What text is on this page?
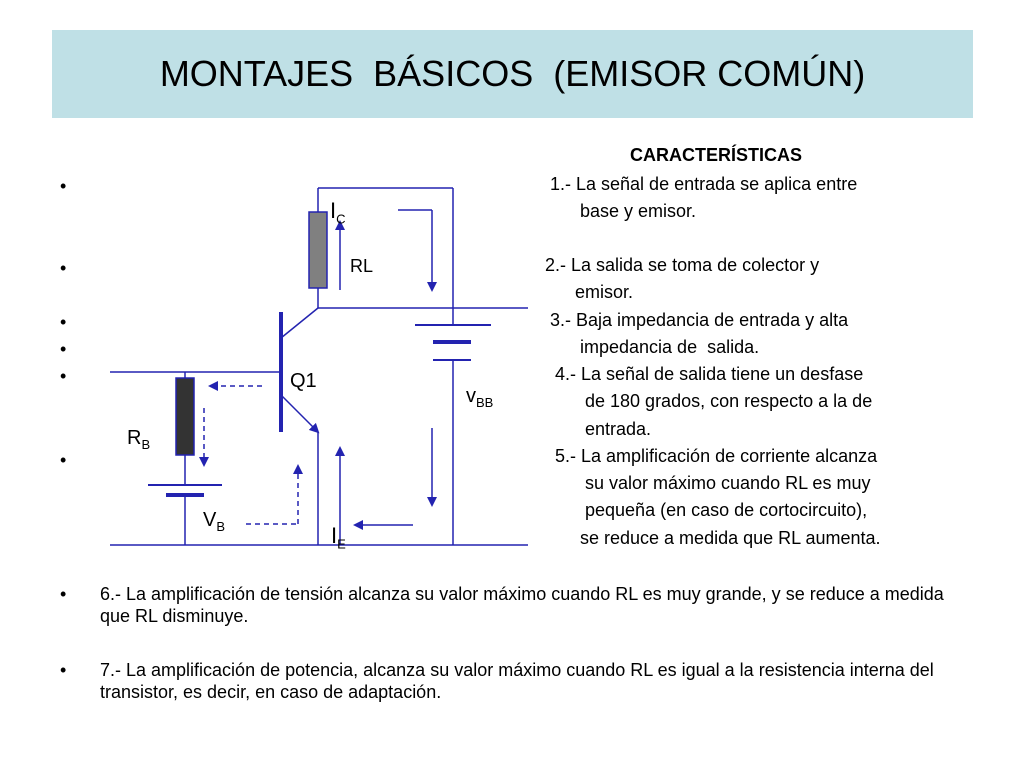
MONTAJES  BÁSICOS  (EMISOR COMÚN)
•
•
•
•
•
•
CARACTERÍSTICAS
1.- La señal de entrada se aplica entre
base y emisor.
2.- La salida se toma de colector y
emisor.
3.- Baja impedancia de entrada y alta
impedancia de  salida.
4.- La señal de salida tiene un desfase
de 180 grados, con respecto a la de
entrada.
5.- La amplificación de corriente alcanza
su valor máximo cuando RL es muy
pequeña (en caso de cortocircuito),
se reduce a medida que RL aumenta.
• 6.- La amplificación de tensión alcanza su valor máximo cuando RL es muy grande, y se reduce a medida que RL disminuye.
• 7.- La amplificación de potencia, alcanza su valor máximo cuando RL es igual a la resistencia interna del transistor, es decir, en caso de adaptación.
$I_C$
RL
Q1
$v_{BB}$
$R_B$
$V_B$	$I_E$
